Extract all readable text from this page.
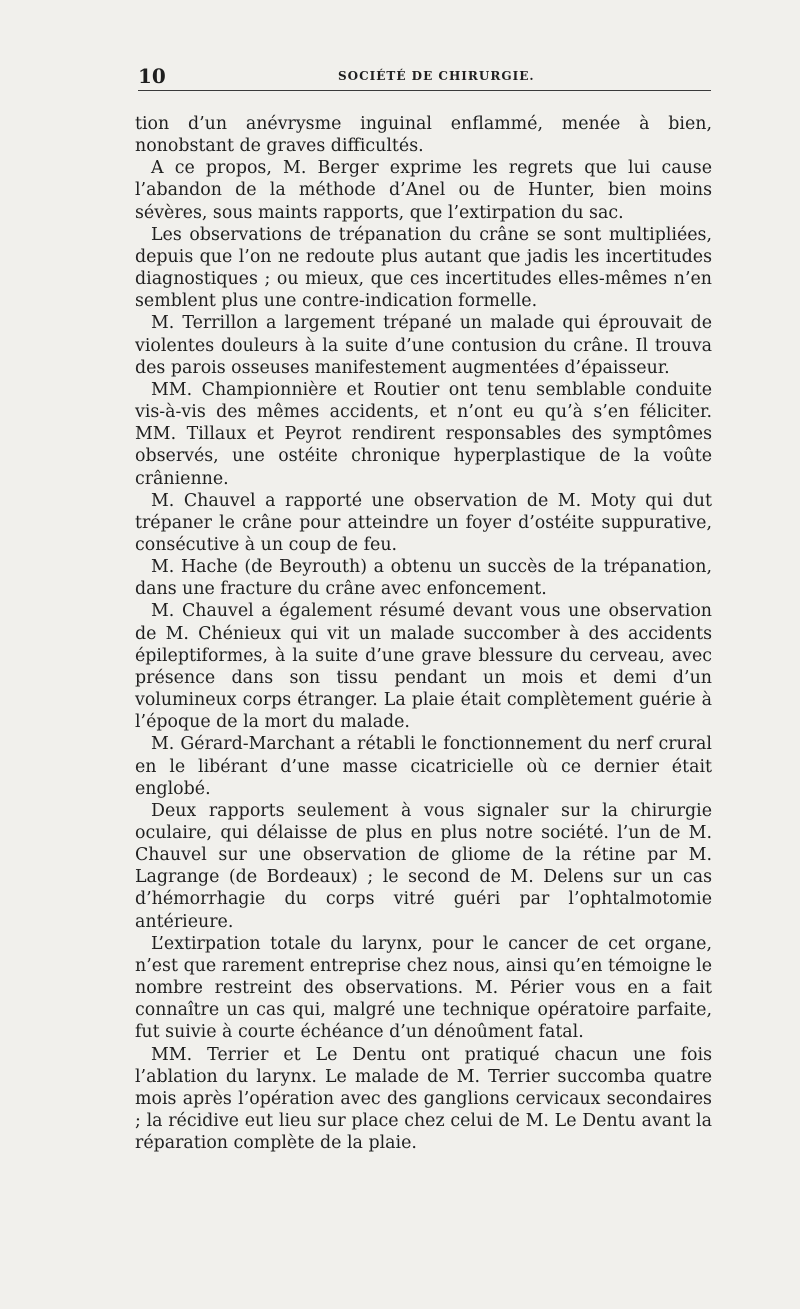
10	SOCIÉTÉ DE CHIRURGIE.

tion d’un anévrysme inguinal enflammé, menée à bien, nonobstant de graves difficultés.

A ce propos, M. Berger exprime les regrets que lui cause l’abandon de la méthode d’Anel ou de Hunter, bien moins sévères, sous maints rapports, que l’extirpation du sac.

Les observations de trépanation du crâne se sont multipliées, depuis que l’on ne redoute plus autant que jadis les incertitudes diagnostiques ; ou mieux, que ces incertitudes elles-mêmes n’en semblent plus une contre-indication formelle.

M. Terrillon a largement trépané un malade qui éprouvait de violentes douleurs à la suite d’une contusion du crâne. Il trouva des parois osseuses manifestement augmentées d’épaisseur.

MM. Championnière et Routier ont tenu semblable conduite vis-à-vis des mêmes accidents, et n’ont eu qu’à s’en féliciter. MM. Tillaux et Peyrot rendirent responsables des symptômes observés, une ostéite chronique hyperplastique de la voûte crânienne.

M. Chauvel a rapporté une observation de M. Moty qui dut trépaner le crâne pour atteindre un foyer d’ostéite suppurative, consécutive à un coup de feu.

M. Hache (de Beyrouth) a obtenu un succès de la trépanation, dans une fracture du crâne avec enfoncement.

M. Chauvel a également résumé devant vous une observation de M. Chénieux qui vit un malade succomber à des accidents épileptiformes, à la suite d’une grave blessure du cerveau, avec présence dans son tissu pendant un mois et demi d’un volumineux corps étranger. La plaie était complètement guérie à l’époque de la mort du malade.

M. Gérard-Marchant a rétabli le fonctionnement du nerf crural en le libérant d’une masse cicatricielle où ce dernier était englobé.

Deux rapports seulement à vous signaler sur la chirurgie oculaire, qui délaisse de plus en plus notre société. l’un de M. Chauvel sur une observation de gliome de la rétine par M. Lagrange (de Bordeaux) ; le second de M. Delens sur un cas d’hémorrhagie du corps vitré guéri par l’ophtalmotomie antérieure.

L’extirpation totale du larynx, pour le cancer de cet organe, n’est que rarement entreprise chez nous, ainsi qu’en témoigne le nombre restreint des observations. M. Périer vous en a fait connaître un cas qui, malgré une technique opératoire parfaite, fut suivie à courte échéance d’un dénoûment fatal.

MM. Terrier et Le Dentu ont pratiqué chacun une fois l’ablation du larynx. Le malade de M. Terrier succomba quatre mois après l’opération avec des ganglions cervicaux secondaires ; la récidive eut lieu sur place chez celui de M. Le Dentu avant la réparation complète de la plaie.
